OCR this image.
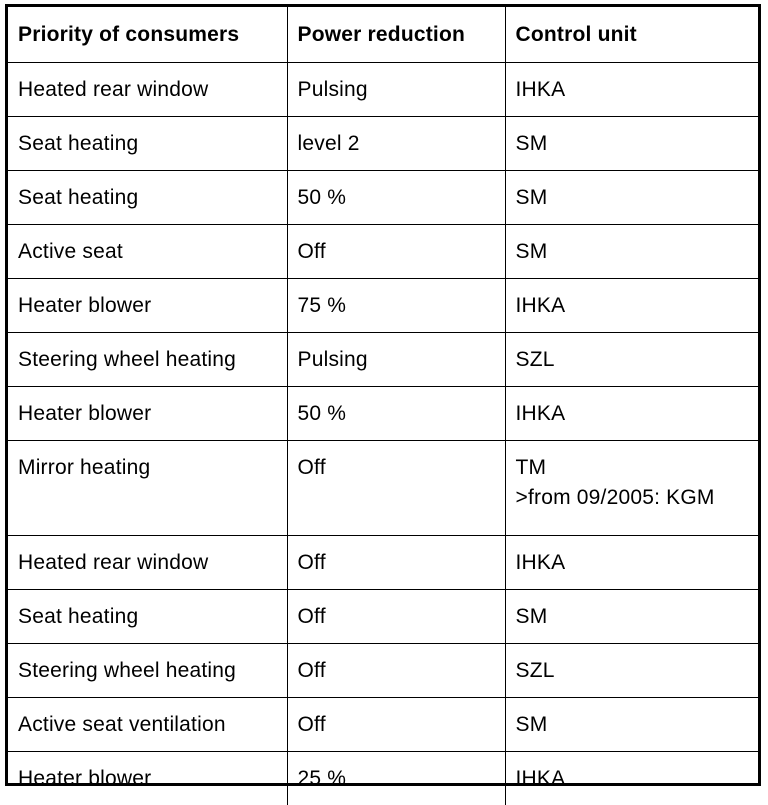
Priority of consumers	Power reduction	Control unit
Heated rear window	Pulsing	IHKA

Seat heating	level 2	SM

Seat heating	50 %	SM

Active seat	Off	SM

Heater blower	75 %	IHKA

Steering wheel heating	Pulsing	SZL

Heater blower	50 %	IHKA

Mirror heating	Off	TM
>from 09/2005: KGM

Heated rear window	Off	IHKA

Seat heating	Off	SM

Steering wheel heating	Off	SZL

Active seat ventilation	Off	SM

Heater blower	25 %	IHKA
